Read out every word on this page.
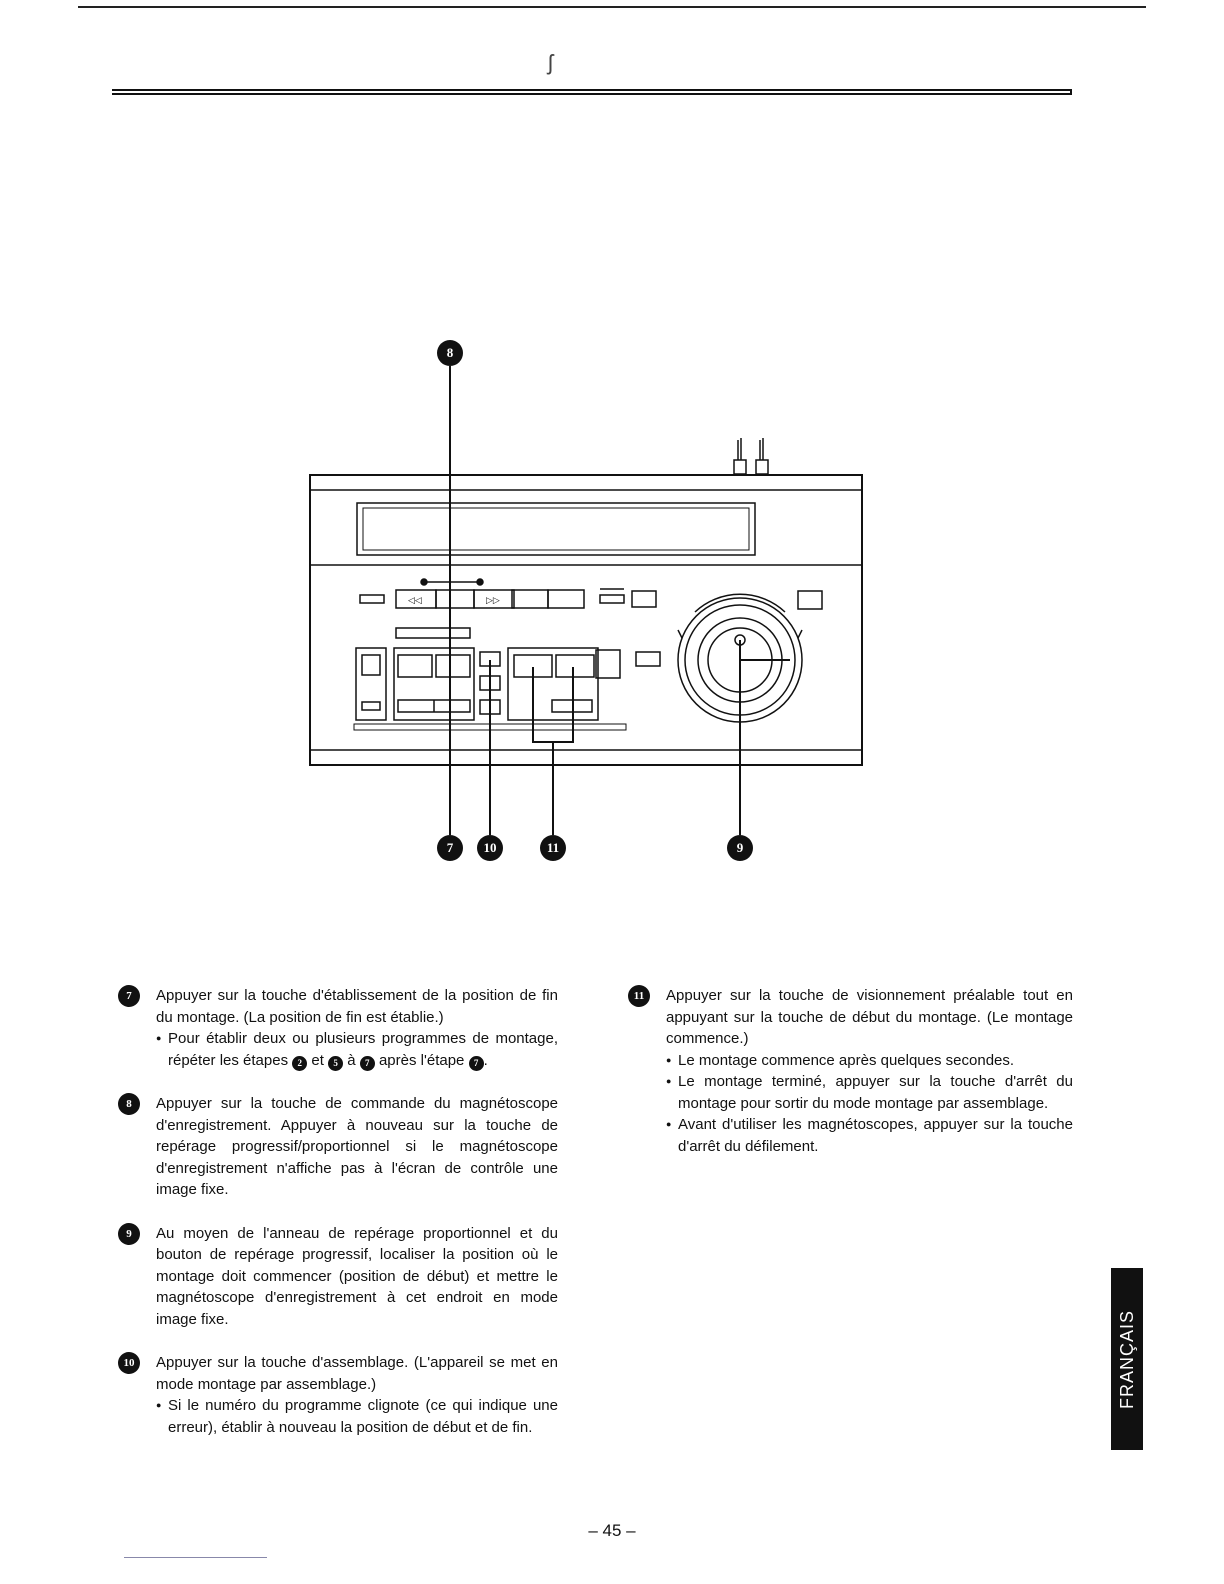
ʃ
◁◁	▷▷
8
7	10	11	9
7	Appuyer sur la touche d'établissement de la position de fin du montage. (La position de fin est établie.)

● Pour établir deux ou plusieurs programmes de montage, répéter les étapes 2 et 5 à 7 après l'étape 7 .
8	Appuyer sur la touche de commande du magnétoscope d'enregistrement. Appuyer à nouveau sur la touche de repérage progressif/proportionnel si le magnétoscope d'enregistrement n'affiche pas à l'écran de contrôle une image fixe.

9	Au moyen de l'anneau de repérage proportionnel et du bouton de repérage progressif, localiser la position où le montage doit commencer (position de début) et mettre le magnétoscope d'enregistrement à cet endroit en mode image fixe.

10	Appuyer sur la touche d'assemblage. (L'appareil se met en mode montage par assemblage.)

● Si le numéro du programme clignote (ce qui indique une erreur), établir à nouveau la position de début et de fin.
11	Appuyer sur la touche de visionnement préalable tout en appuyant sur la touche de début du montage. (Le montage commence.)

● Le montage commence après quelques secondes.
● Le montage terminé, appuyer sur la touche d'arrêt du montage pour sortir du mode montage par assemblage.
● Avant d'utiliser les magnétoscopes, appuyer sur la touche d'arrêt du défilement.
FRANÇAIS
– 45 –
